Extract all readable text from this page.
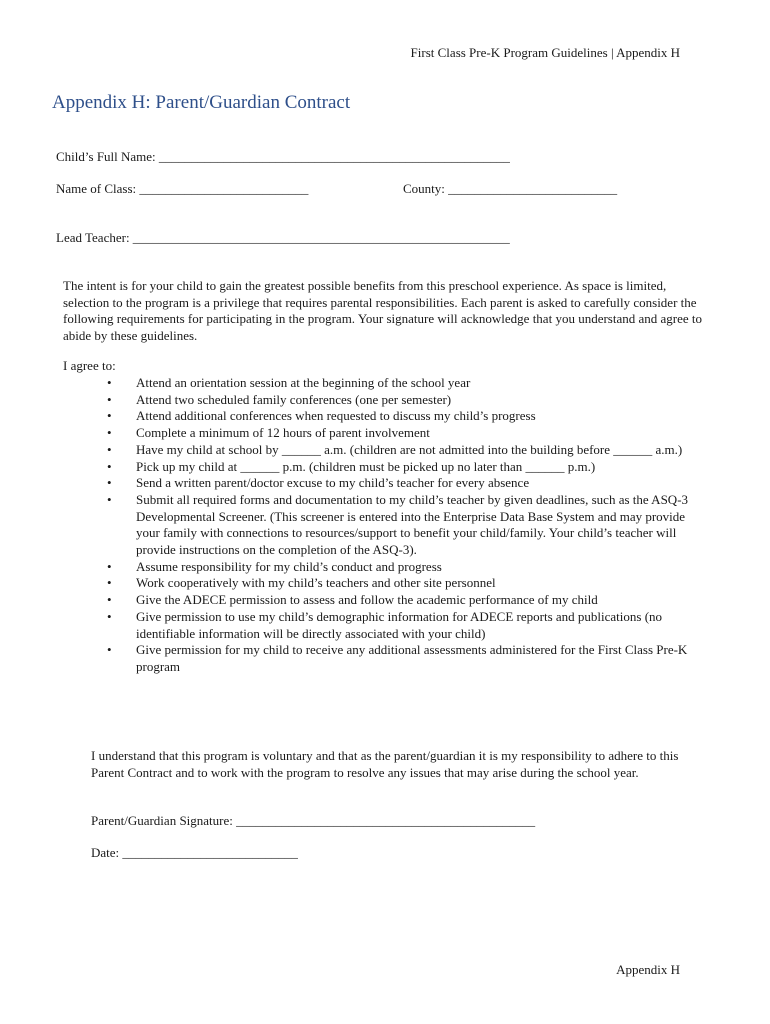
First Class Pre-K Program Guidelines | Appendix H
Appendix H: Parent/Guardian Contract
Child’s Full Name: ______________________________________________________
Name of Class: __________________________	County: __________________________
Lead Teacher: __________________________________________________________
The intent is for your child to gain the greatest possible benefits from this preschool experience. As space is limited, selection to the program is a privilege that requires parental responsibilities. Each parent is asked to carefully consider the following requirements for participating in the program. Your signature will acknowledge that you understand and agree to abide by these guidelines.
I agree to:
• Attend an orientation session at the beginning of the school year
• Attend two scheduled family conferences (one per semester)
• Attend additional conferences when requested to discuss my child’s progress
• Complete a minimum of 12 hours of parent involvement
• Have my child at school by ______ a.m. (children are not admitted into the building before ______ a.m.)
• Pick up my child at ______ p.m. (children must be picked up no later than ______ p.m.)
• Send a written parent/doctor excuse to my child’s teacher for every absence
• Submit all required forms and documentation to my child’s teacher by given deadlines, such as the ASQ-3 Developmental Screener. (This screener is entered into the Enterprise Data Base System and may provide your family with connections to resources/support to benefit your child/family. Your child’s teacher will provide instructions on the completion of the ASQ-3).
• Assume responsibility for my child’s conduct and progress
• Work cooperatively with my child’s teachers and other site personnel
• Give the ADECE permission to assess and follow the academic performance of my child
• Give permission to use my child’s demographic information for ADECE reports and publications (no identifiable information will be directly associated with your child)
• Give permission for my child to receive any additional assessments administered for the First Class Pre-K program
I understand that this program is voluntary and that as the parent/guardian it is my responsibility to adhere to this Parent Contract and to work with the program to resolve any issues that may arise during the school year.
Parent/Guardian Signature: ______________________________________________
Date: ___________________________
Appendix H
